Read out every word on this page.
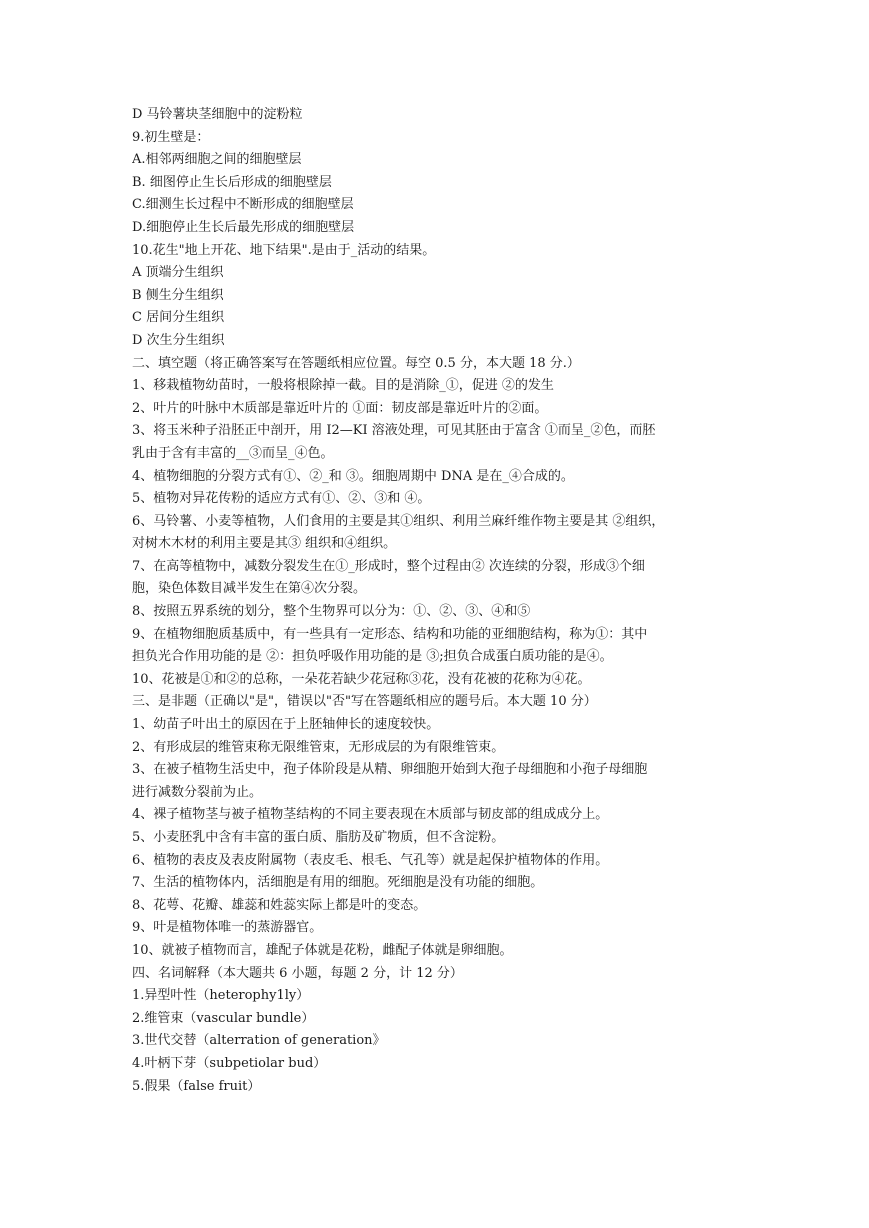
D 马铃薯块茎细胞中的淀粉粒
9.初生壁是：
A.相邻两细胞之间的细胞壁层
B. 细图停止生长后形成的细胞壁层
C.细测生长过程中不断形成的细胞壁层
D.细胞停止生长后最先形成的细胞壁层
10.花生"地上开花、地下结果".是由于_活动的结果。
A 顶端分生组织
B 侧生分生组织
C 居间分生组织
D 次生分生组织
二、填空题（将正确答案写在答题纸相应位置。每空 0.5 分，本大题 18 分.）
1、移栽植物幼苗时，一般将根除掉一截。目的是消除_①，促进 ②的发生
2、叶片的叶脉中木质部是靠近叶片的 ①面：韧皮部是靠近叶片的②面。
3、将玉米种子沿胚正中剖开，用 I2—KI 溶液处理，可见其胚由于富含 ①而呈_②色，而胚
乳由于含有丰富的__③而呈_④色。
4、植物细胞的分裂方式有①、②_和 ③。细胞周期中 DNA 是在_④合成的。
5、植物对异花传粉的适应方式有①、②、③和 ④。
6、马铃薯、小麦等植物，人们食用的主要是其①组织、利用兰麻纤维作物主要是其 ②组织，
对树木木材的利用主要是其③ 组织和④组织。
7、在高等植物中，减数分裂发生在①_形成时，整个过程由② 次连续的分裂，形成③个细
胞，染色体数目减半发生在第④次分裂。
8、按照五界系统的划分，整个生物界可以分为：①、②、③、④和⑤
9、在植物细胞质基质中，有一些具有一定形态、结构和功能的亚细胞结构，称为①：其中
担负光合作用功能的是 ②：担负呼吸作用功能的是 ③;担负合成蛋白质功能的是④。
10、花被是①和②的总称，一朵花若缺少花冠称③花，没有花被的花称为④花。
三、是非题（正确以"是"，错误以"否"写在答题纸相应的题号后。本大题 10 分）
1、幼苗子叶出土的原因在于上胚轴伸长的速度较快。
2、有形成层的维管束称无限维管束，无形成层的为有限维管束。
3、在被子植物生活史中，孢子体阶段是从精、卵细胞开始到大孢子母细胞和小孢子母细胞
进行减数分裂前为止。
4、裸子植物茎与被子植物茎结构的不同主要表现在木质部与韧皮部的组成成分上。
5、小麦胚乳中含有丰富的蛋白质、脂肪及矿物质，但不含淀粉。
6、植物的表皮及表皮附属物（表皮毛、根毛、气孔等）就是起保护植物体的作用。
7、生活的植物体内，活细胞是有用的细胞。死细胞是没有功能的细胞。
8、花萼、花瓣、雄蕊和姓蕊实际上都是叶的变态。
9、叶是植物体唯一的蒸游器官。
10、就被子植物而言，雄配子体就是花粉，雌配子体就是卵细胞。
四、名词解释（本大题共 6 小题，每题 2 分，计 12 分）
1.异型叶性（heterophy1ly）
2.维管束（vascular bundle）
3.世代交替（alterration of generation》
4.叶柄下芽（subpetiolar bud）
5.假果（false fruit）
